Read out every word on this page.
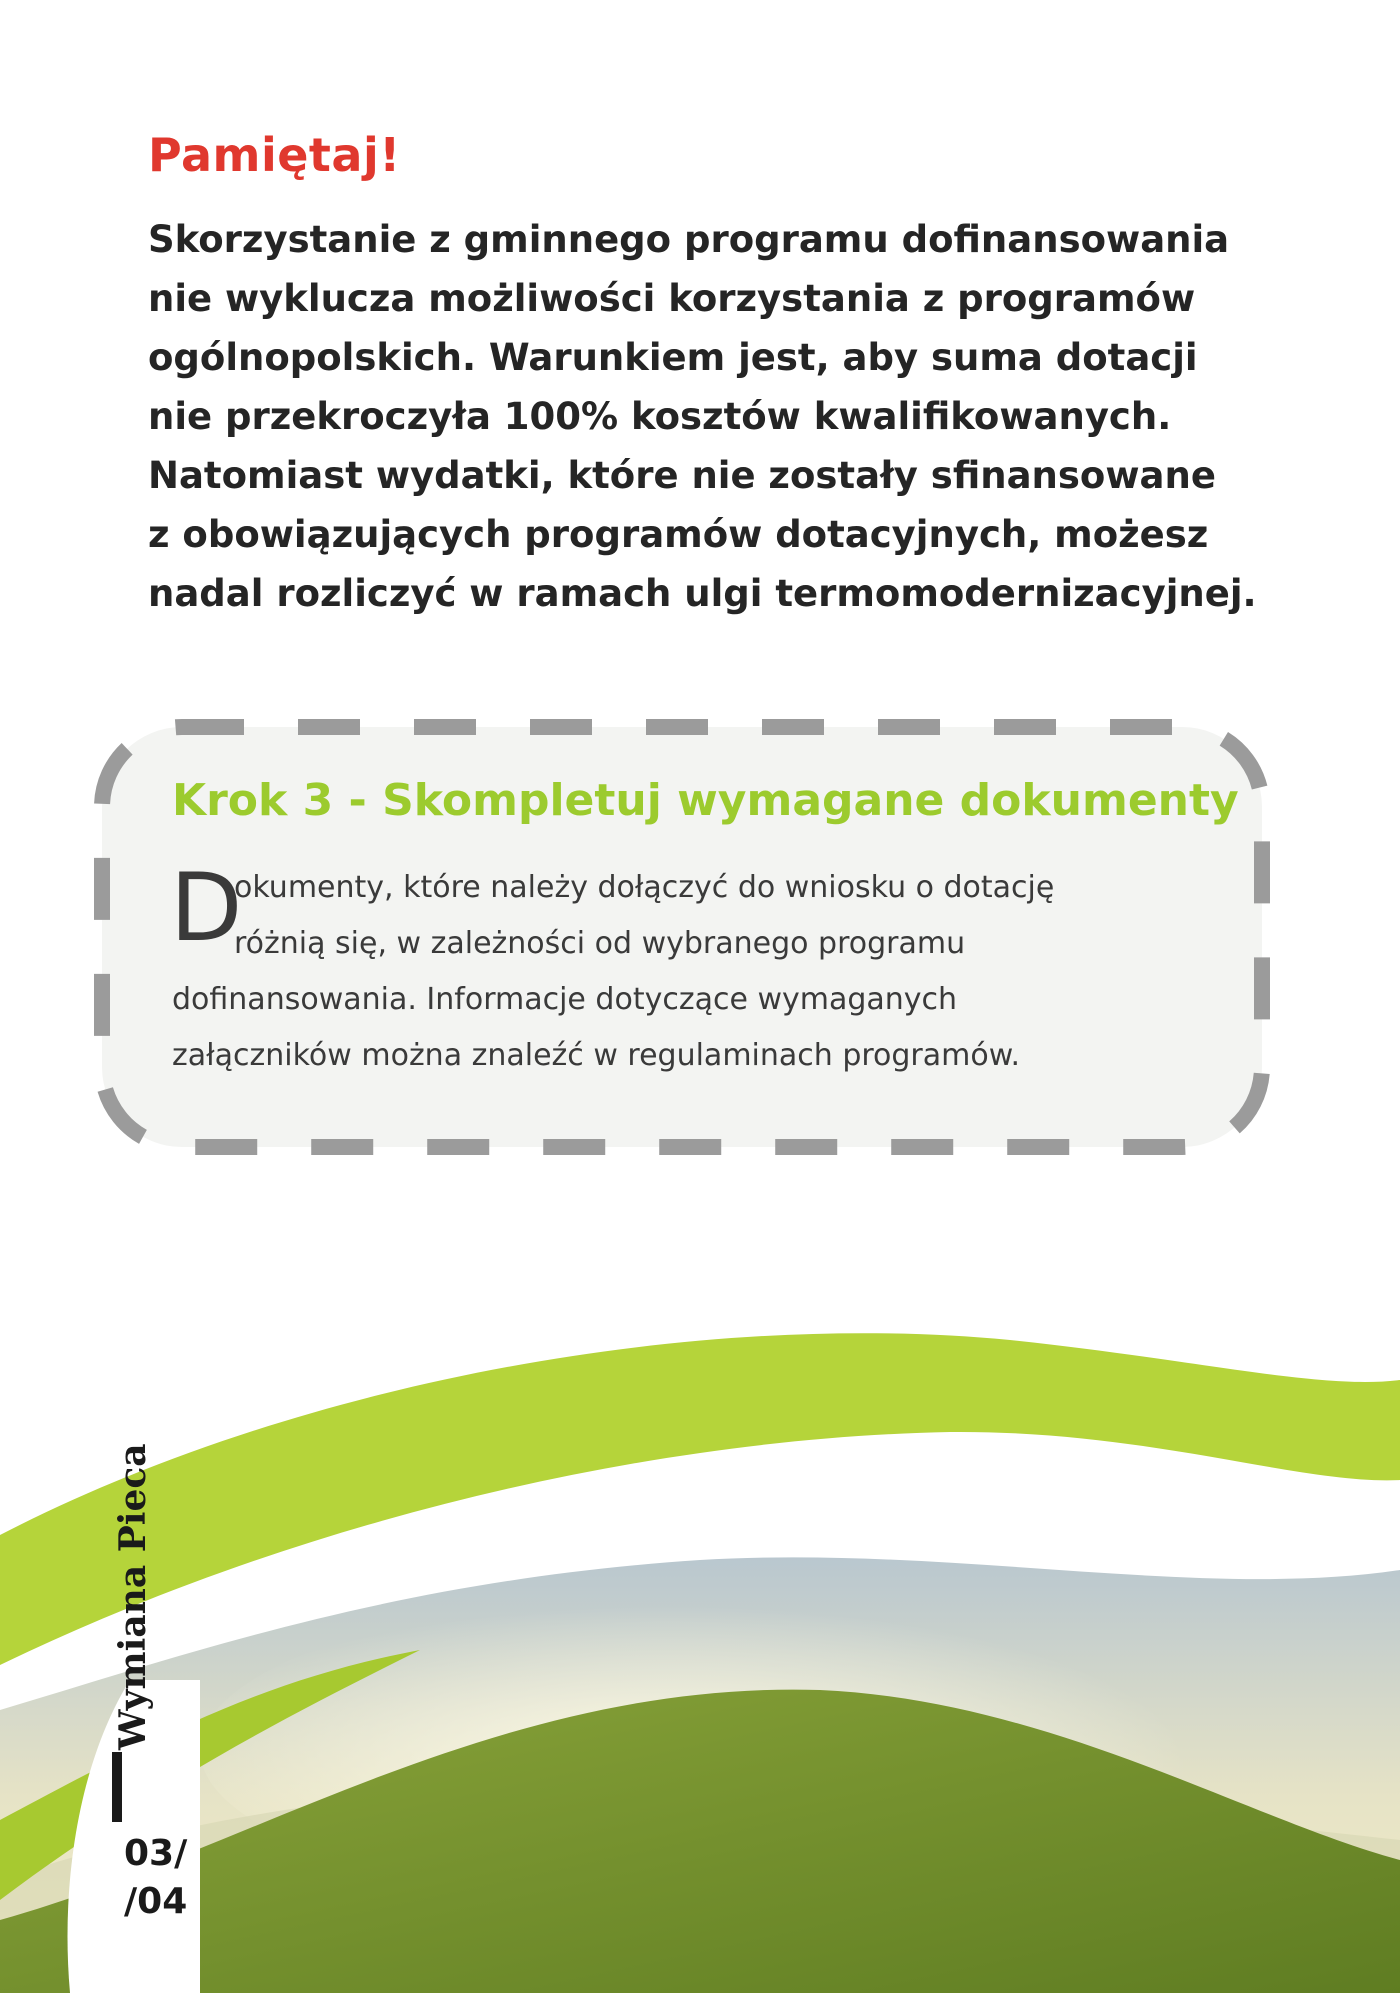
Pamiętaj!
Skorzystanie z gminnego programu dofinansowania
nie wyklucza możliwości korzystania z programów
ogólnopolskich. Warunkiem jest, aby suma dotacji
nie przekroczyła 100% kosztów kwalifikowanych.
Natomiast wydatki, które nie zostały sfinansowane
z obowiązujących programów dotacyjnych, możesz
nadal rozliczyć w ramach ulgi termomodernizacyjnej.
Krok 3 - Skompletuj wymagane dokumenty
D
okumenty, które należy dołączyć do wniosku o dotację
różnią się, w zależności od wybranego programu
dofinansowania. Informacje dotyczące wymaganych
załączników można znaleźć w regulaminach programów.
Wymiana Pieca
03/
/04
